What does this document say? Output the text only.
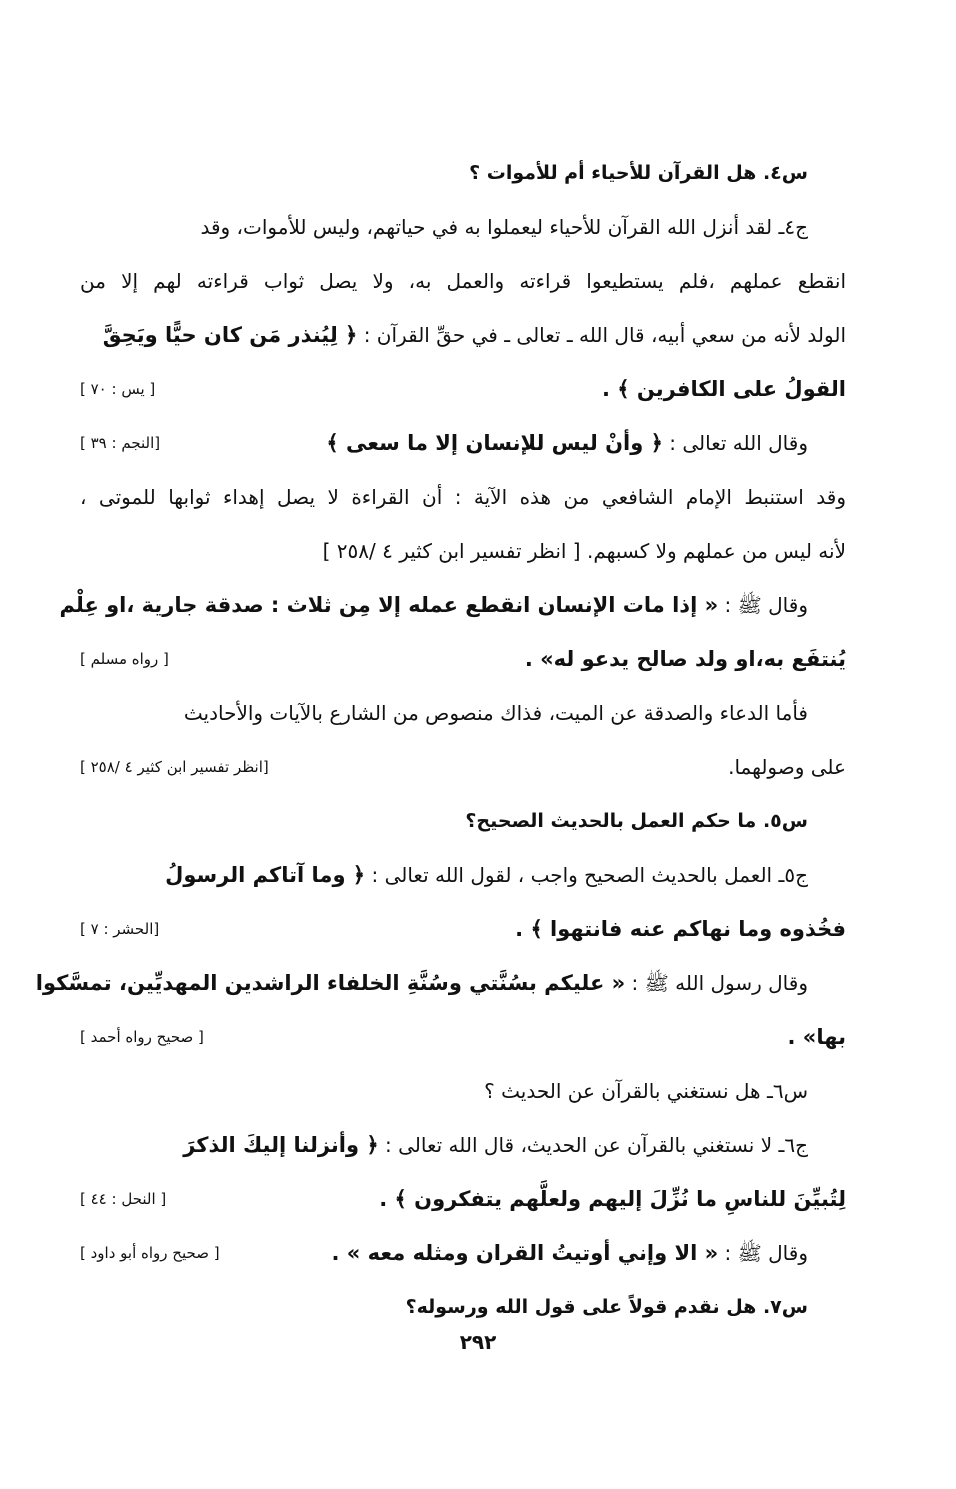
س٤. هل القرآن للأحياء أم للأموات ؟
ج٤ـ لقد أنزل الله القرآن للأحياء ليعملوا به في حياتهم، وليس للأموات، وقد
انقطع عملهم ،فلم يستطيعوا قراءته والعمل به، ولا يصل ثواب قراءته لهم إلا من
الولد لأنه من سعي أبيه، قال الله ـ تعالى ـ في حقِّ القرآن : ﴿ لِيُنذر مَن كان حيًّا ويَحِقَّ
القولُ على الكافرين ﴾ .
[ يس : ٧٠ ]
وقال الله تعالى : ﴿ وأنْ ليس للإنسان إلا ما سعى ﴾
[النجم : ٣٩ ]
وقد استنبط الإمام الشافعي من هذه الآية : أن القراءة لا يصل إهداء ثوابها للموتى ،
لأنه ليس من عملهم ولا كسبهم. [ انظر تفسير ابن كثير ٤ /٢٥٨ ]
وقال ﷺ : « إذا مات الإنسان انقطع عمله إلا مِن ثلاث : صدقة جارية ،او عِلْم
يُنتفَع به،او ولد صالح يدعو له» .
[ رواه مسلم ]
فأما الدعاء والصدقة عن الميت، فذاك منصوص من الشارع بالآيات والأحاديث
على وصولهما.
[انظر تفسير ابن كثير ٤ /٢٥٨ ]
س٥. ما حكم العمل بالحديث الصحيح؟
ج٥ـ العمل بالحديث الصحيح واجب ، لقول الله تعالى : ﴿ وما آتاكم الرسولُ
فخُذوه وما نهاكم عنه فانتهوا ﴾ .
[الحشر : ٧ ]
وقال رسول الله ﷺ : « عليكم بسُنَّتي وسُنَّةِ الخلفاء الراشدين المهديِّين، تمسَّكوا
بها» .
[ صحيح رواه أحمد ]
س٦ـ هل نستغني بالقرآن عن الحديث ؟
ج٦ـ لا نستغني بالقرآن عن الحديث، قال الله تعالى : ﴿ وأنزلنا إليكَ الذكرَ
لِتُبيِّنَ للناسِ ما نُزِّلَ إليهم ولعلَّهم يتفكرون ﴾ .
[ النحل : ٤٤ ]
وقال ﷺ : « الا وإني أوتيتُ القران ومثله معه » .
[ صحيح رواه أبو داود ]
س٧. هل نقدم قولاً على قول الله ورسوله؟
٢٩٢
